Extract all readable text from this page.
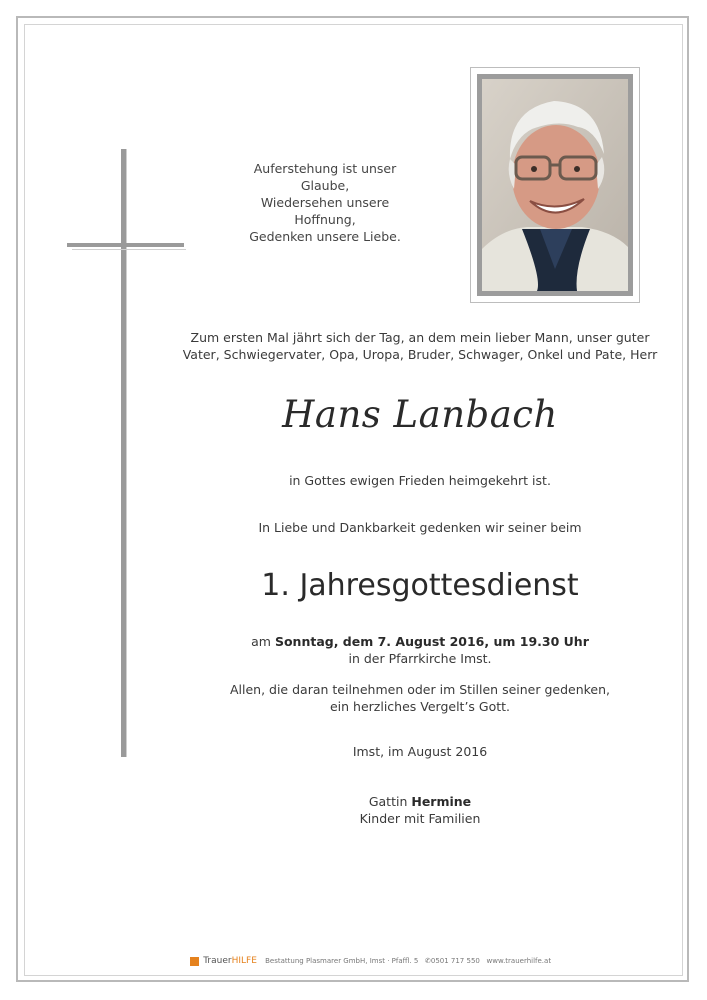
Auferstehung ist unser Glaube,
Wiedersehen unsere Hoffnung,
Gedenken unsere Liebe.
Zum ersten Mal jährt sich der Tag, an dem mein lieber Mann, unser guter
Vater, Schwiegervater, Opa, Uropa, Bruder, Schwager, Onkel und Pate, Herr
Hans Lanbach
in Gottes ewigen Frieden heimgekehrt ist.
In Liebe und Dankbarkeit gedenken wir seiner beim
1. Jahresgottesdienst
am Sonntag, dem 7. August 2016, um 19.30 Uhr
in der Pfarrkirche Imst.
Allen, die daran teilnehmen oder im Stillen seiner gedenken,
ein herzliches Vergelt’s Gott.
Imst, im August 2016
Gattin Hermine
Kinder mit Familien
TrauerHILFE Bestattung Plasmarer GmbH, Imst · Pfaffl. 5 ✆0501 717 550 www.trauerhilfe.at
